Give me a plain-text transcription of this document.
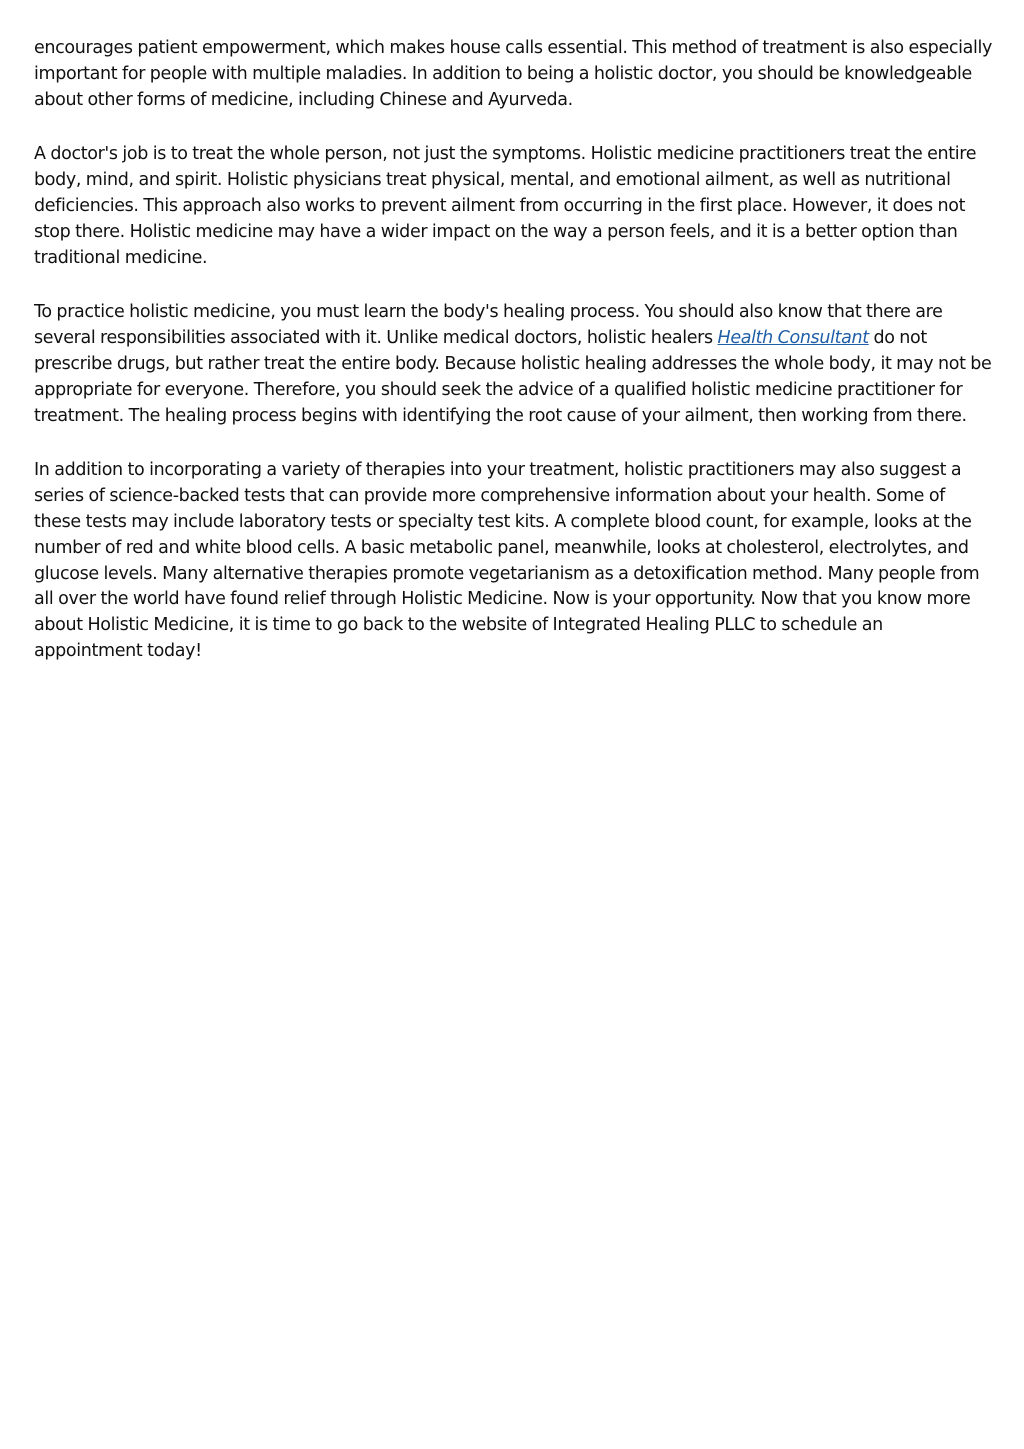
encourages patient empowerment, which makes house calls essential. This method of treatment is also especially important for people with multiple maladies. In addition to being a holistic doctor, you should be knowledgeable about other forms of medicine, including Chinese and Ayurveda.

A doctor's job is to treat the whole person, not just the symptoms. Holistic medicine practitioners treat the entire body, mind, and spirit. Holistic physicians treat physical, mental, and emotional ailment, as well as nutritional deficiencies. This approach also works to prevent ailment from occurring in the first place. However, it does not stop there. Holistic medicine may have a wider impact on the way a person feels, and it is a better option than traditional medicine.

To practice holistic medicine, you must learn the body's healing process. You should also know that there are several responsibilities associated with it. Unlike medical doctors, holistic healers Health Consultant do not prescribe drugs, but rather treat the entire body. Because holistic healing addresses the whole body, it may not be appropriate for everyone. Therefore, you should seek the advice of a qualified holistic medicine practitioner for treatment. The healing process begins with identifying the root cause of your ailment, then working from there.

In addition to incorporating a variety of therapies into your treatment, holistic practitioners may also suggest a series of science-backed tests that can provide more comprehensive information about your health. Some of these tests may include laboratory tests or specialty test kits. A complete blood count, for example, looks at the number of red and white blood cells. A basic metabolic panel, meanwhile, looks at cholesterol, electrolytes, and glucose levels. Many alternative therapies promote vegetarianism as a detoxification method. Many people from all over the world have found relief through Holistic Medicine. Now is your opportunity. Now that you know more about Holistic Medicine, it is time to go back to the website of Integrated Healing PLLC to schedule an appointment today!
